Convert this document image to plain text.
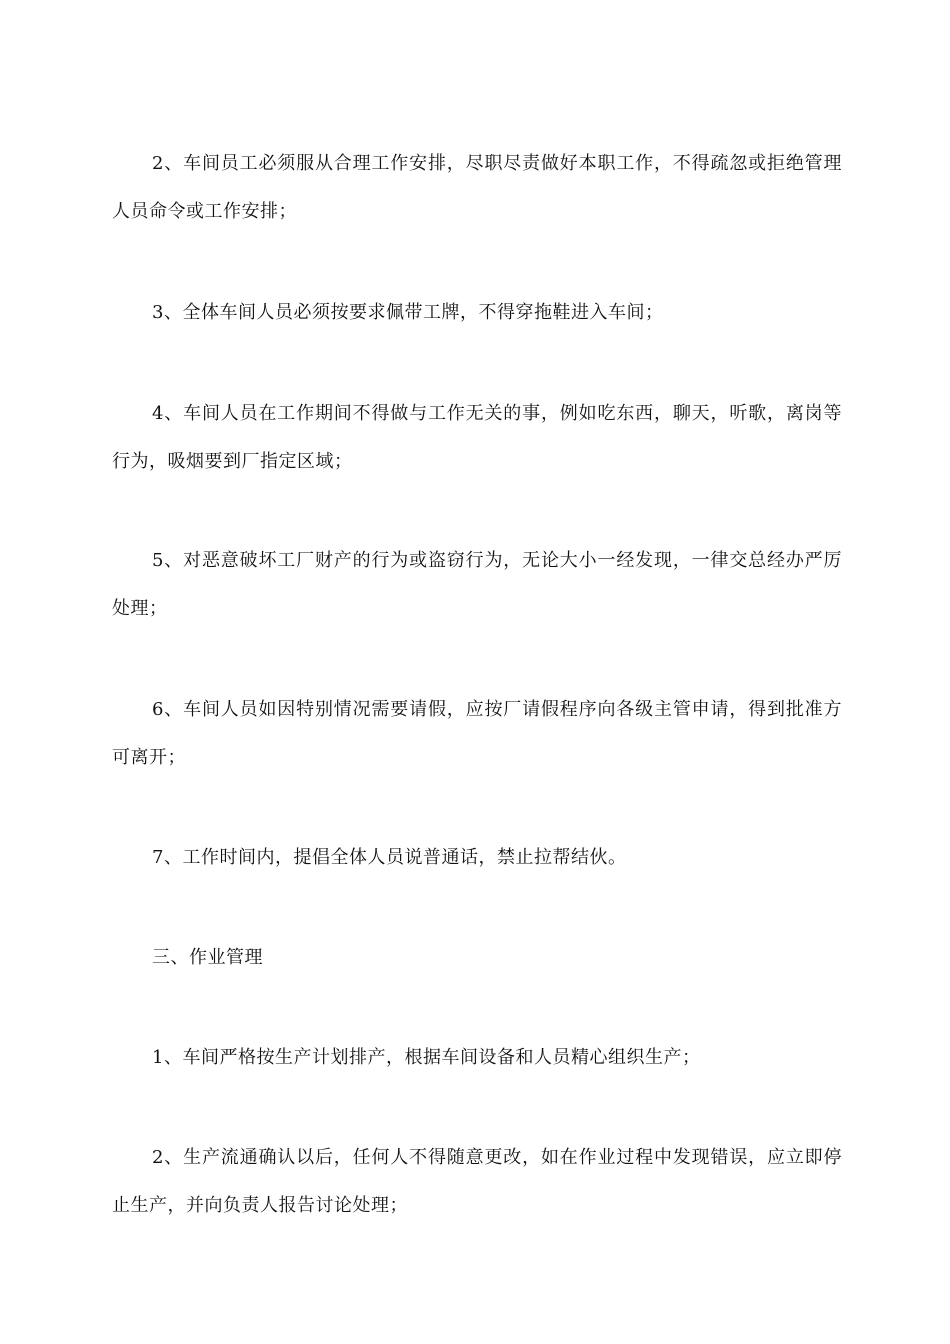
2、车间员工必须服从合理工作安排，尽职尽责做好本职工作，不得疏忽或拒绝管理人员命令或工作安排；

3、全体车间人员必须按要求佩带工牌，不得穿拖鞋进入车间；

4、车间人员在工作期间不得做与工作无关的事，例如吃东西，聊天，听歌，离岗等行为，吸烟要到厂指定区域；

5、对恶意破坏工厂财产的行为或盗窃行为，无论大小一经发现，一律交总经办严厉处理；

6、车间人员如因特别情况需要请假，应按厂请假程序向各级主管申请，得到批准方可离开；

7、工作时间内，提倡全体人员说普通话，禁止拉帮结伙。

三、作业管理

1、车间严格按生产计划排产，根据车间设备和人员精心组织生产；

2、生产流通确认以后，任何人不得随意更改，如在作业过程中发现错误，应立即停止生产，并向负责人报告讨论处理；
